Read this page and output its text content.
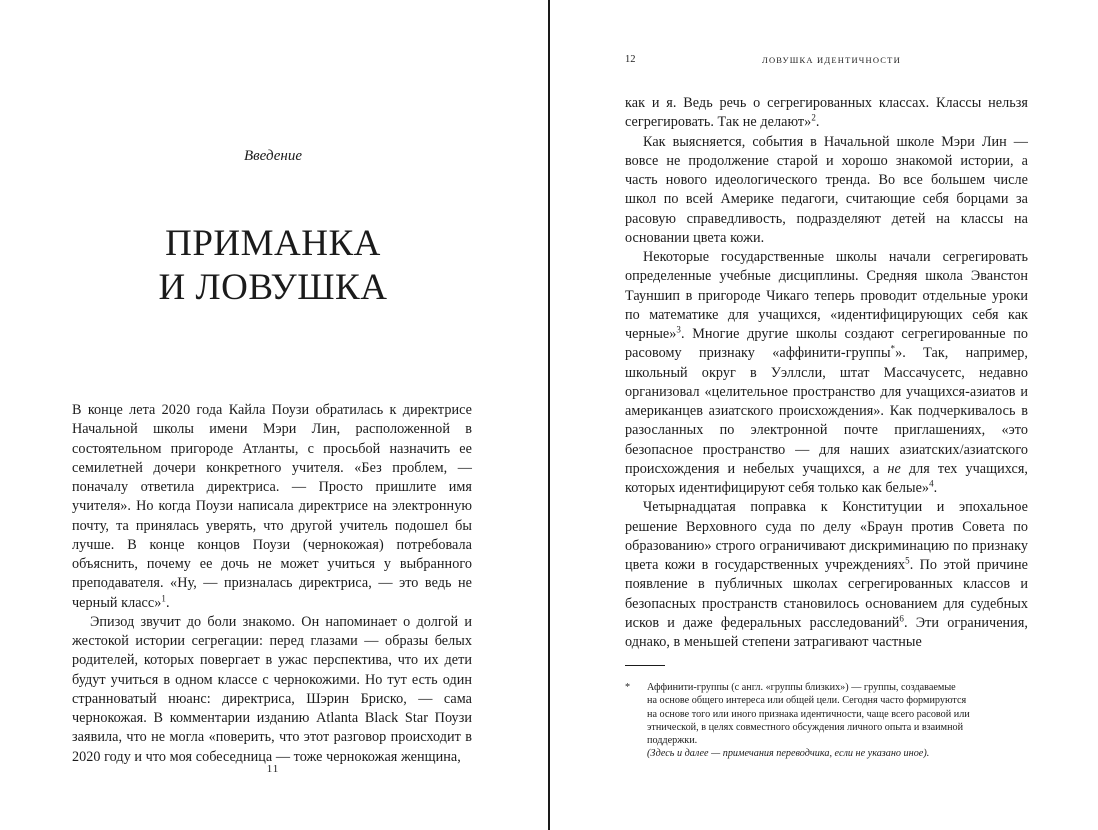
Введение
ПРИМАНКА
И ЛОВУШКА

В конце лета 2020 года Кайла Поузи обратилась к директрисе Начальной школы имени Мэри Лин, расположенной в состоятельном пригороде Атланты, с просьбой назначить ее семилетней дочери конкретного учителя. «Без проблем, — поначалу ответила директриса. — Просто пришлите имя учителя». Но когда Поузи написала директрисе на электронную почту, та принялась уверять, что другой учитель подошел бы лучше. В конце концов Поузи (чернокожая) потребовала объяснить, почему ее дочь не может учиться у выбранного преподавателя. «Ну, — призналась директриса, — это ведь не черный класс»$^1$.

Эпизод звучит до боли знакомо. Он напоминает о долгой и жестокой истории сегрегации: перед глазами — образы белых родителей, которых повергает в ужас перспектива, что их дети будут учиться в одном классе с чернокожими. Но тут есть один странноватый нюанс: директриса, Шэрин Бриско, — сама чернокожая. В комментарии изданию Atlanta Black Star Поузи заявила, что не могла «поверить, что этот разговор происходит в 2020 году и что моя собеседница — тоже чернокожая женщина,

11
12	ЛОВУШКА ИДЕНТИЧНОСТИ

как и я. Ведь речь о сегрегированных классах. Классы нельзя сегрегировать. Так не делают»$^2$.

Как выясняется, события в Начальной школе Мэри Лин — вовсе не продолжение старой и хорошо знакомой истории, а часть нового идеологического тренда. Во все большем числе школ по всей Америке педагоги, считающие себя борцами за расовую справедливость, подразделяют детей на классы на основании цвета кожи.

Некоторые государственные школы начали сегрегировать определенные учебные дисциплины. Средняя школа Эванстон Тауншип в пригороде Чикаго теперь проводит отдельные уроки по математике для учащихся, «идентифицирующих себя как черные»$^3$. Многие другие школы создают сегрегированные по расовому признаку «аффинити-группы*». Так, например, школьный округ в Уэллсли, штат Массачусетс, недавно организовал «целительное пространство для учащихся-азиатов и американцев азиатского происхождения». Как подчеркивалось в разосланных по электронной почте приглашениях, «это безопасное пространство — для наших азиатских/азиатского происхождения и небелых учащихся, а не для тех учащихся, которых идентифицируют себя только как белые»$^4$.

Четырнадцатая поправка к Конституции и эпохальное решение Верховного суда по делу «Браун против Совета по образованию» строго ограничивают дискриминацию по признаку цвета кожи в государственных учреждениях$^5$. По этой причине появление в публичных школах сегрегированных классов и безопасных пространств становилось основанием для судебных исков и даже федеральных расследований$^6$. Эти ограничения, однако, в меньшей степени затрагивают частные

* Аффинити-группы (с англ. «группы близких») — группы, создаваемые
на основе общего интереса или общей цели. Сегодня часто формируются
на основе того или иного признака идентичности, чаще всего расовой или
этнической, в целях совместного обсуждения личного опыта и взаимной
поддержки.
(Здесь и далее — примечания переводчика, если не указано иное).
